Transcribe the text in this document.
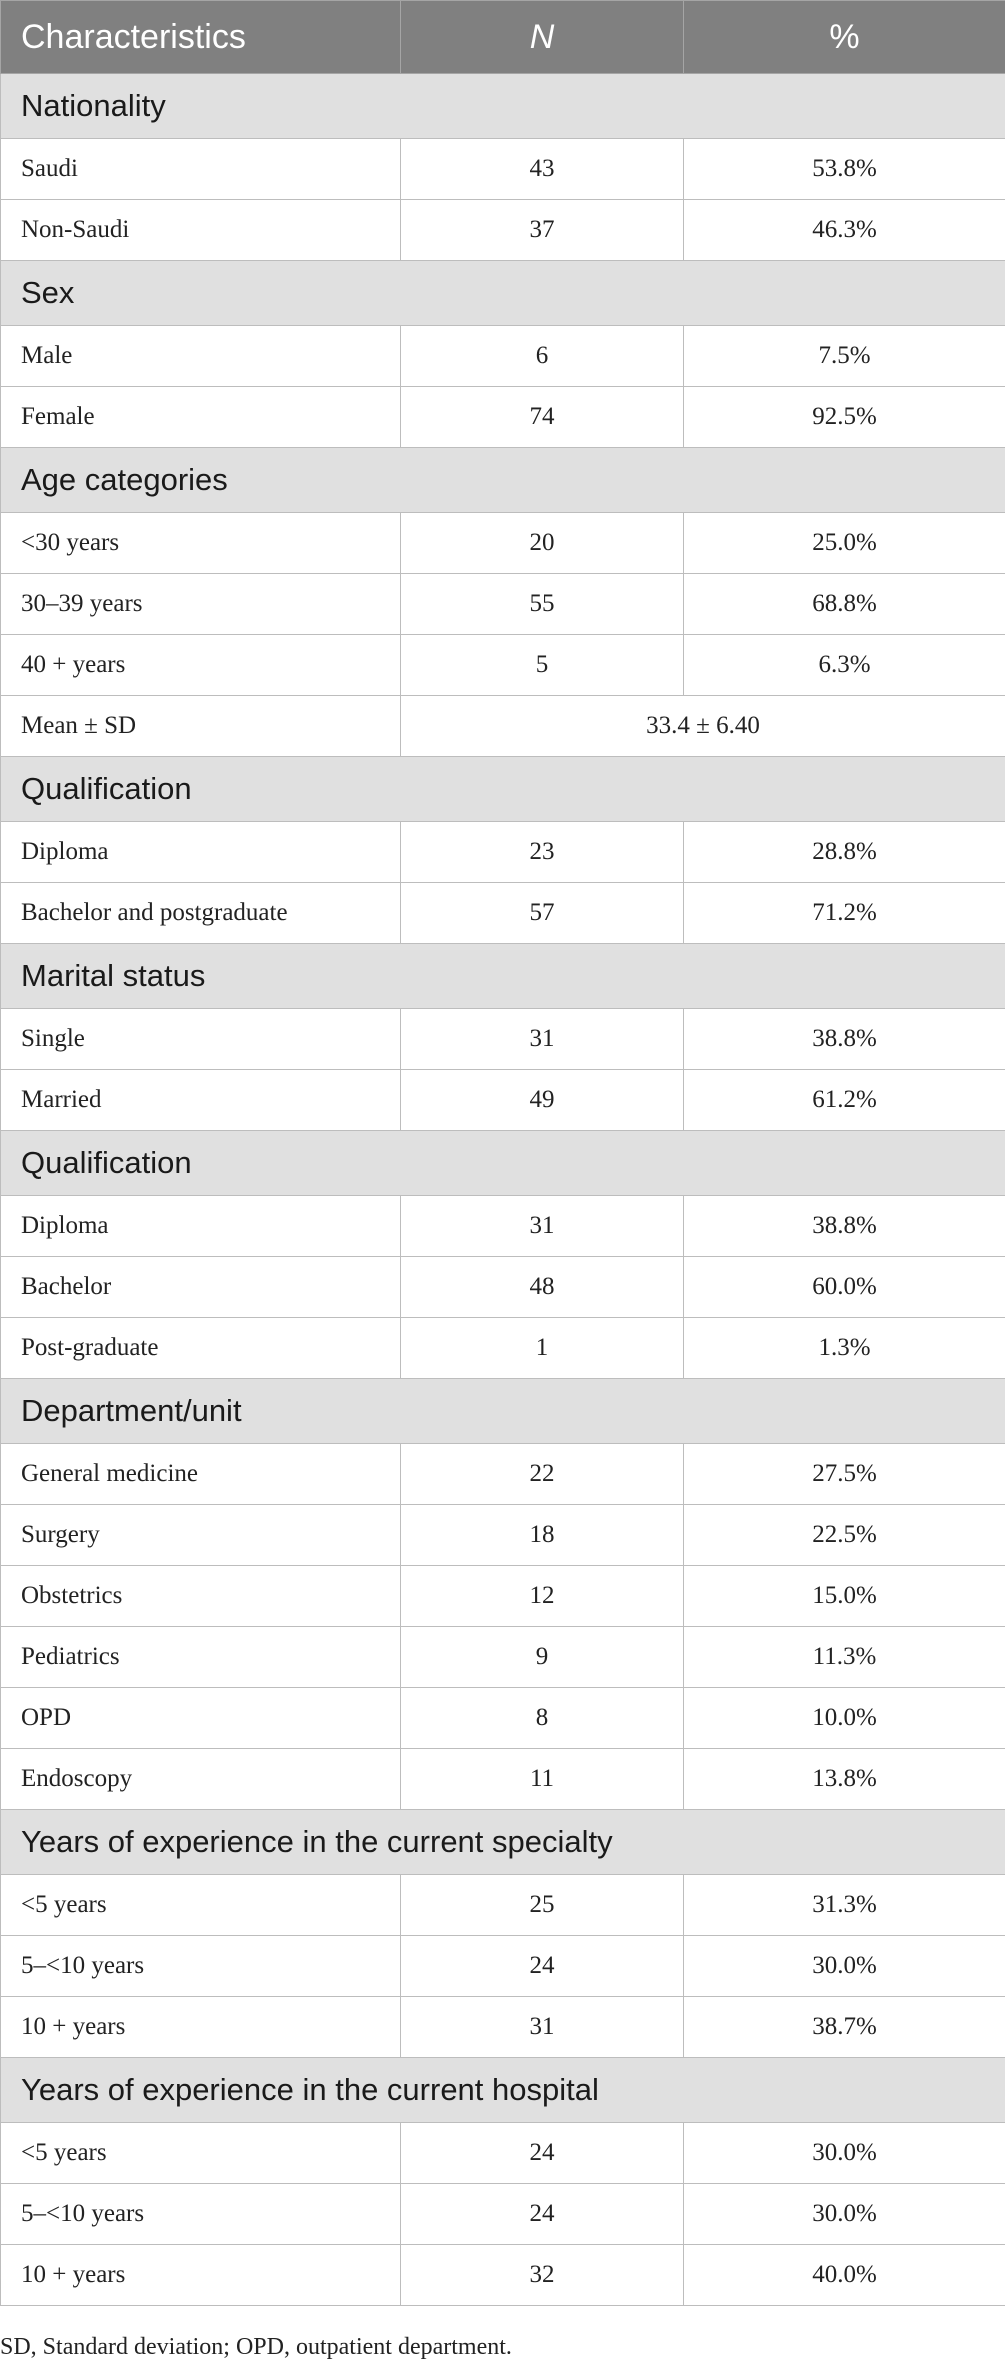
Characteristics	N	%
Nationality		
Saudi	43	53.8%
Non-Saudi	37	46.3%
Sex		
Male	6	7.5%
Female	74	92.5%
Age categories		
<30 years	20	25.0%
30–39 years	55	68.8%
40 + years	5	6.3%
Mean ± SD	33.4 ± 6.40	
Qualification		
Diploma	23	28.8%
Bachelor and postgraduate	57	71.2%
Marital status		
Single	31	38.8%
Married	49	61.2%
Qualification		
Diploma	31	38.8%
Bachelor	48	60.0%
Post-graduate	1	1.3%
Department/unit		
General medicine	22	27.5%
Surgery	18	22.5%
Obstetrics	12	15.0%
Pediatrics	9	11.3%
OPD	8	10.0%
Endoscopy	11	13.8%
Years of experience in the current specialty		
<5 years	25	31.3%
5–<10 years	24	30.0%
10 + years	31	38.7%
Years of experience in the current hospital		
<5 years	24	30.0%
5–<10 years	24	30.0%
10 + years	32	40.0%
SD, Standard deviation; OPD, outpatient department.
